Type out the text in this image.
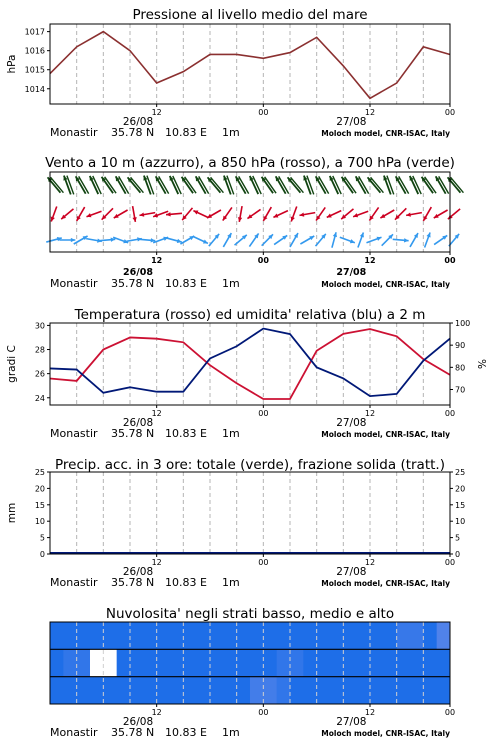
Pressione al livello medio del mare
hPa
1014
1015
1016
1017
12	00	12	00
26/08	27/08
Monastir 35.78 N 10.83 E 1m	Moloch model, CNR-ISAC, Italy
Vento a 10 m (azzurro), a 850 hPa (rosso), a 700 hPa (verde)
12	00	12	00
26/08	27/08
Monastir 35.78 N 10.83 E 1m	Moloch model, CNR-ISAC, Italy
Temperatura (rosso) ed umidita' relativa (blu) a 2 m
gradi C	%
24
26
28
30
70
80
90
100
12	00	12	00
26/08	27/08
Monastir 35.78 N 10.83 E 1m	Moloch model, CNR-ISAC, Italy
Precip. acc. in 3 ore: totale (verde), frazione solida (tratt.)
mm
0
5
10
15
20
25
0
5
10
15
20
25
12	00	12	00
26/08	27/08
Monastir 35.78 N 10.83 E 1m	Moloch model, CNR-ISAC, Italy
Nuvolosita' negli strati basso, medio e alto
12	00	12	00
26/08	27/08
Monastir 35.78 N 10.83 E 1m	Moloch model, CNR-ISAC, Italy
